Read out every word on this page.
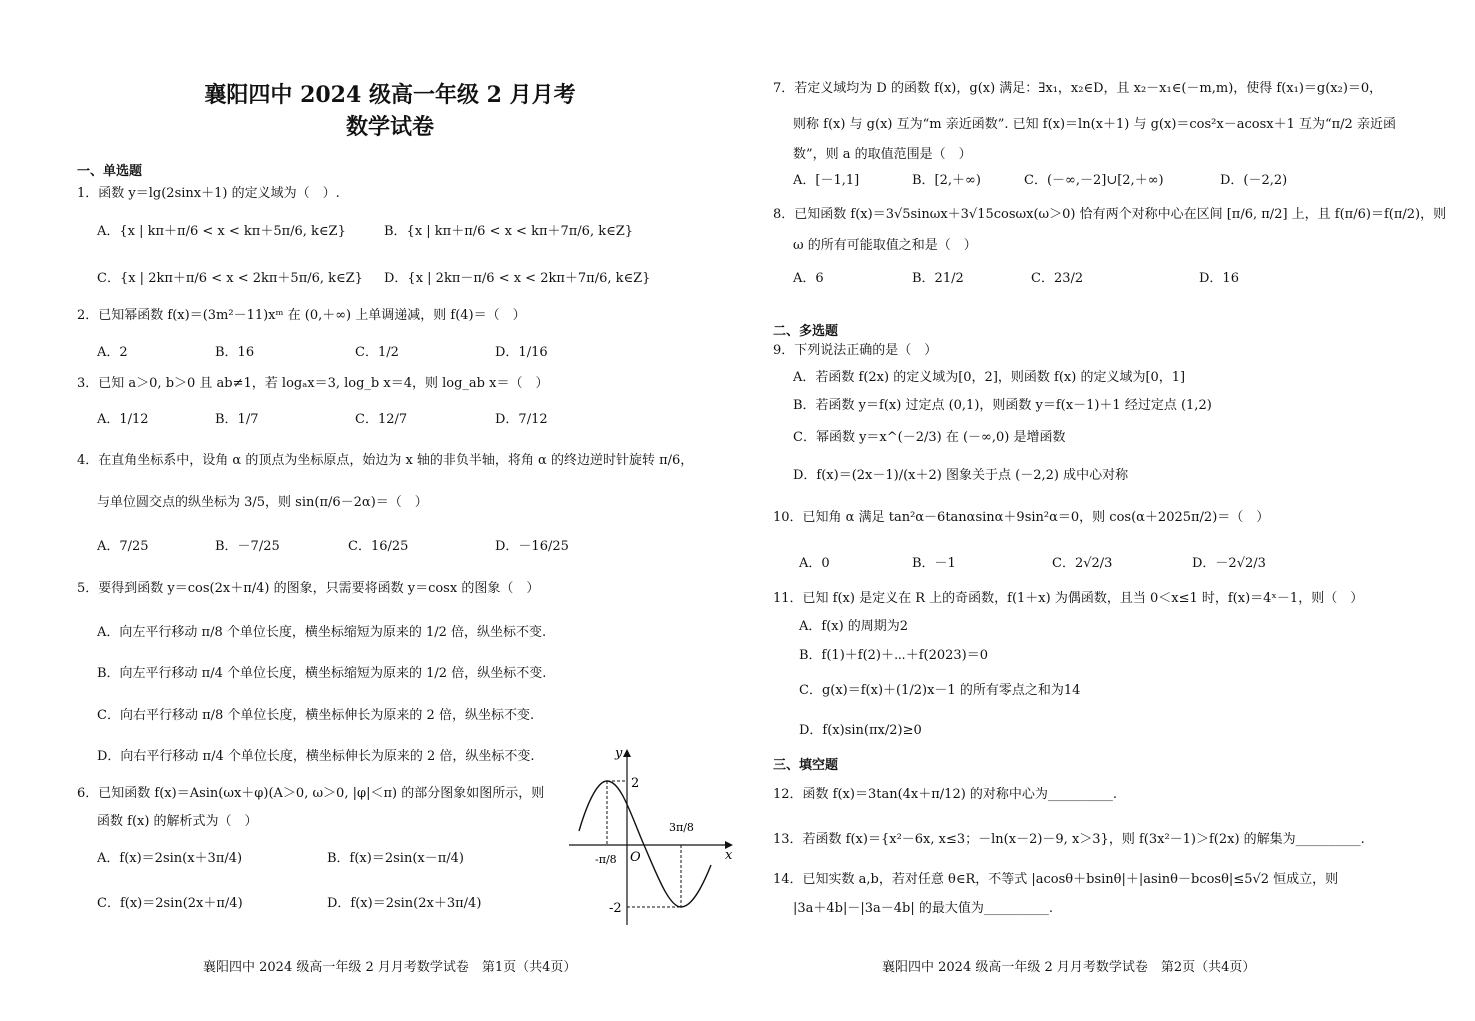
襄阳四中 2024 级高一年级 2 月月考
数学试卷
一、单选题
1．函数 y＝lg(2sinx＋1) 的定义域为（　）.
A．{x | kπ＋π/6 < x < kπ＋5π/6, k∈Z}	B．{x | kπ＋π/6 < x < kπ＋7π/6, k∈Z}
C．{x | 2kπ＋π/6 < x < 2kπ＋5π/6, k∈Z} D．{x | 2kπ－π/6 < x < 2kπ＋7π/6, k∈Z}
2．已知幂函数 f(x)＝(3m²－11)xᵐ 在 (0,＋∞) 上单调递减，则 f(4)＝（　）
A．2	B．16	C．1/2	D．1/16
3．已知 a＞0, b＞0 且 ab≠1，若 logₐx＝3, log_b x＝4，则 log_ab x＝（　）
A．1/12	B．1/7	C．12/7	D．7/12
4．在直角坐标系中，设角 α 的顶点为坐标原点，始边为 x 轴的非负半轴，将角 α 的终边逆时针旋转 π/6，
与单位圆交点的纵坐标为 3/5，则 sin(π/6－2α)＝（　）
A．7/25	B．－7/25	C．16/25	D．－16/25
5．要得到函数 y＝cos(2x＋π/4) 的图象，只需要将函数 y＝cosx 的图象（　）
A．向左平行移动 π/8 个单位长度，横坐标缩短为原来的 1/2 倍，纵坐标不变.
B．向左平行移动 π/4 个单位长度，横坐标缩短为原来的 1/2 倍，纵坐标不变.
C．向右平行移动 π/8 个单位长度，横坐标伸长为原来的 2 倍，纵坐标不变.
D．向右平行移动 π/4 个单位长度，横坐标伸长为原来的 2 倍，纵坐标不变.
6．已知函数 f(x)＝Asin(ωx＋φ)(A＞0, ω＞0, |φ|＜π) 的部分图象如图所示，则
函数 f(x) 的解析式为（　）
A．f(x)＝2sin(x＋3π/4)	B．f(x)＝2sin(x－π/4)
C．f(x)＝2sin(2x＋π/4)	D．f(x)＝2sin(2x＋3π/4)
y
x
O
2
-2
-π/8
3π/8
襄阳四中 2024 级高一年级 2 月月考数学试卷　第1页（共4页）
7．若定义域均为 D 的函数 f(x)，g(x) 满足：∃x₁，x₂∈D，且 x₂－x₁∈(－m,m)，使得 f(x₁)＝g(x₂)＝0，
则称 f(x) 与 g(x) 互为“m 亲近函数”. 已知 f(x)＝ln(x＋1) 与 g(x)＝cos²x－acosx＋1 互为“π/2 亲近函
数”，则 a 的取值范围是（　）
A．[－1,1]	B．[2,＋∞)	C．(－∞,－2]∪[2,＋∞)	D．(－2,2)
8．已知函数 f(x)＝3√5sinωx＋3√15cosωx(ω＞0) 恰有两个对称中心在区间 [π/6, π/2] 上，且 f(π/6)＝f(π/2)，则
ω 的所有可能取值之和是（　）
A．6	B．21/2	C．23/2	D．16
二、多选题
9．下列说法正确的是（　）
A．若函数 f(2x) 的定义域为[0，2]，则函数 f(x) 的定义域为[0，1]
B．若函数 y＝f(x) 过定点 (0,1)，则函数 y＝f(x－1)＋1 经过定点 (1,2)
C．幂函数 y＝x^(－2/3) 在 (－∞,0) 是增函数
D．f(x)＝(2x－1)/(x＋2) 图象关于点 (－2,2) 成中心对称
10．已知角 α 满足 tan²α－6tanαsinα＋9sin²α＝0，则 cos(α＋2025π/2)＝（　）
A．0	B．－1	C．2√2/3	D．－2√2/3
11．已知 f(x) 是定义在 R 上的奇函数，f(1＋x) 为偶函数，且当 0＜x≤1 时，f(x)＝4ˣ－1，则（　）
A．f(x) 的周期为2
B．f(1)＋f(2)＋⋯＋f(2023)＝0
C．g(x)＝f(x)＋(1/2)x－1 的所有零点之和为14
D．f(x)sin(πx/2)≥0
三、填空题
12．函数 f(x)＝3tan(4x＋π/12) 的对称中心为__________.
13．若函数 f(x)＝{x²－6x, x≤3；－ln(x－2)－9, x＞3}，则 f(3x²－1)＞f(2x) 的解集为__________.
14．已知实数 a,b，若对任意 θ∈R，不等式 |acosθ＋bsinθ|＋|asinθ－bcosθ|≤5√2 恒成立，则
|3a＋4b|－|3a－4b| 的最大值为__________.
襄阳四中 2024 级高一年级 2 月月考数学试卷　第2页（共4页）
